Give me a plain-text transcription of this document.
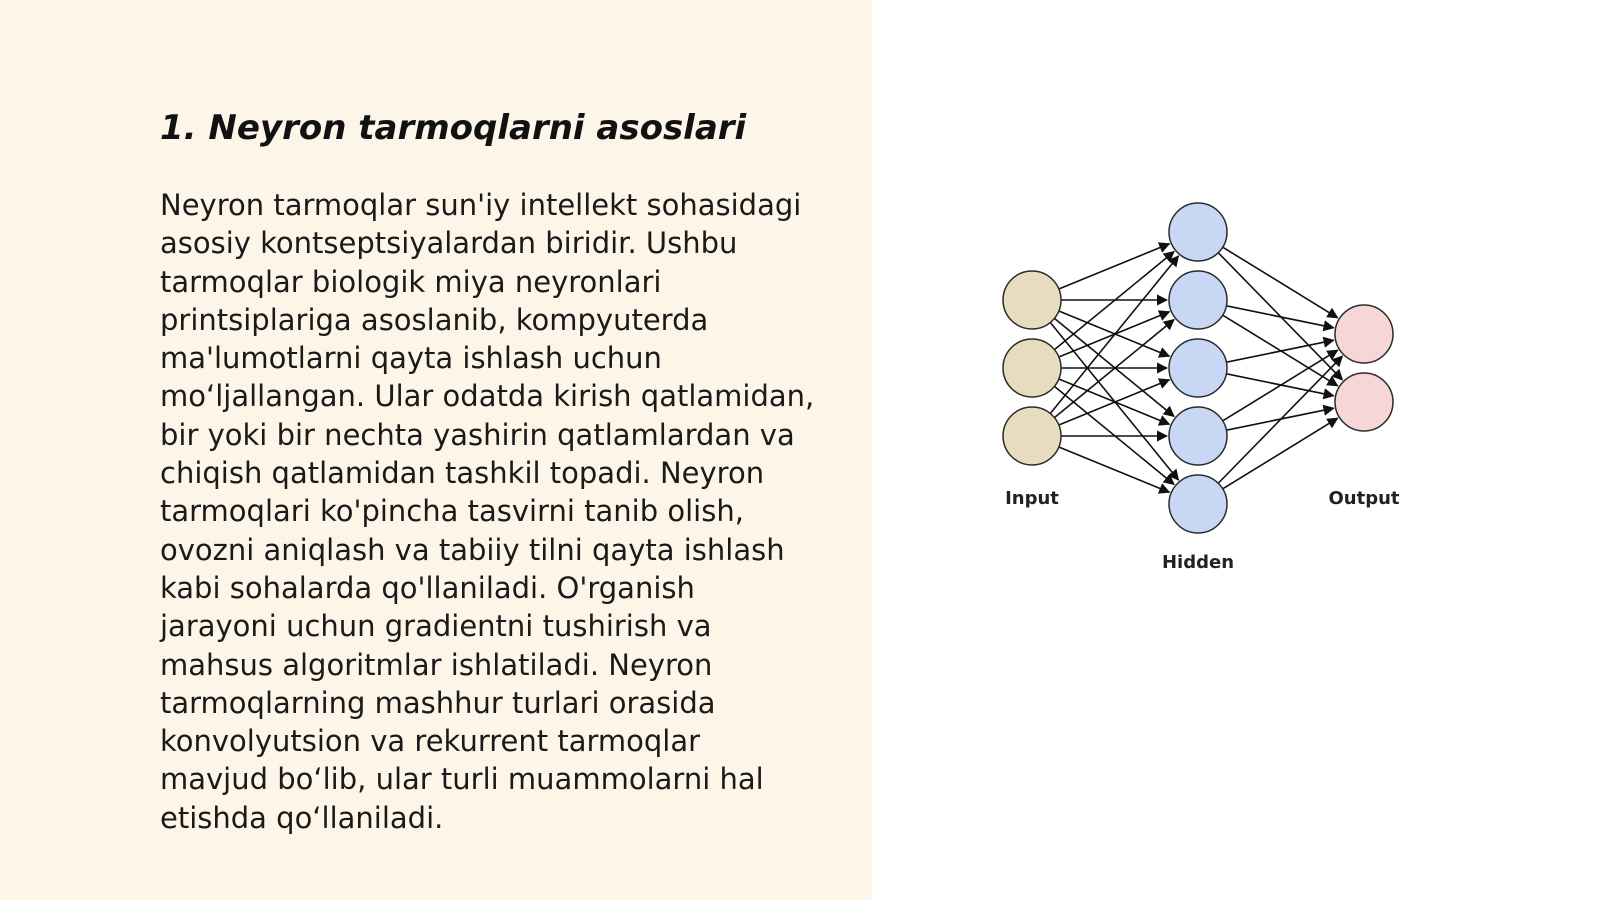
1. Neyron tarmoqlarni asoslari
Neyron tarmoqlar sun'iy intellekt sohasidagi
asosiy kontseptsiyalardan biridir. Ushbu
tarmoqlar biologik miya neyronlari
printsiplariga asoslanib, kompyuterda
ma'lumotlarni qayta ishlash uchun
mo‘ljallangan. Ular odatda kirish qatlamidan,
bir yoki bir nechta yashirin qatlamlardan va
chiqish qatlamidan tashkil topadi. Neyron
tarmoqlari ko'pincha tasvirni tanib olish,
ovozni aniqlash va tabiiy tilni qayta ishlash
kabi sohalarda qo'llaniladi. O'rganish
jarayoni uchun gradientni tushirish va
mahsus algoritmlar ishlatiladi. Neyron
tarmoqlarning mashhur turlari orasida
konvolyutsion va rekurrent tarmoqlar
mavjud bo‘lib, ular turli muammolarni hal
etishda qo‘llaniladi.
Input
Hidden
Output
